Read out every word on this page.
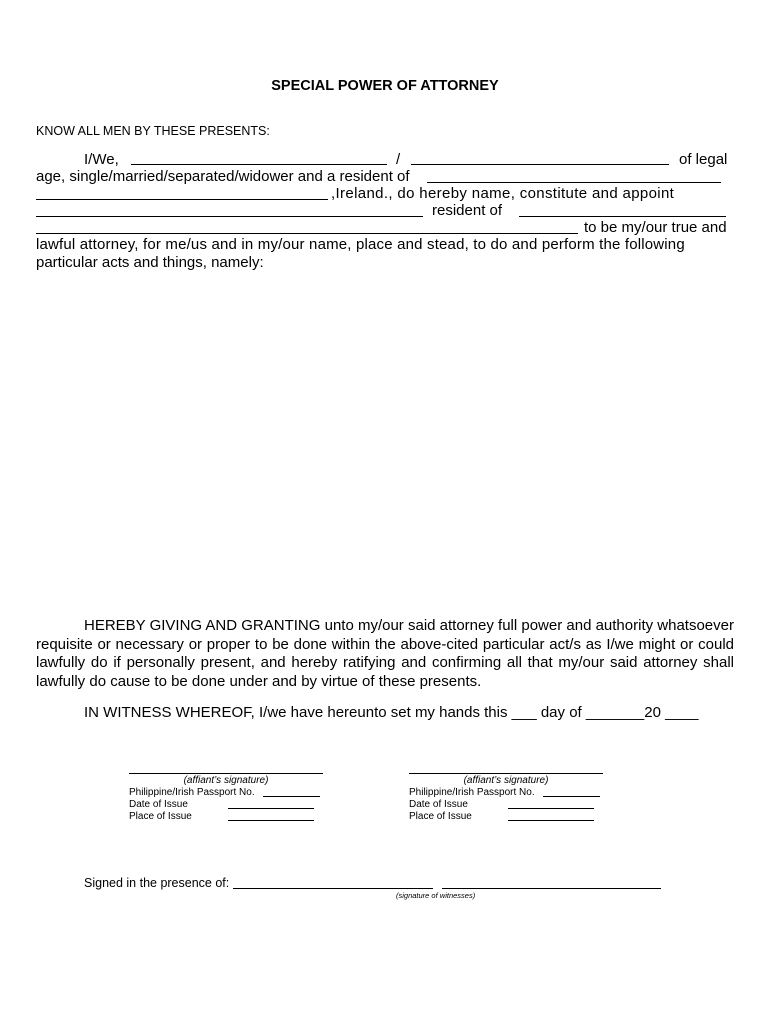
SPECIAL POWER OF ATTORNEY
KNOW ALL MEN BY THESE PRESENTS:
I/We,	/	of legal
age, single/married/separated/widower and a resident of
,Ireland., do hereby name, constitute and appoint
resident of
to be my/our true and
lawful attorney, for me/us and in my/our name, place and stead, to do and perform the following
particular acts and things, namely:
HEREBY GIVING AND GRANTING unto my/our said attorney full power and authority whatsoever requisite or necessary or proper to be done within the above-cited particular act/s as I/we might or could lawfully do if personally present, and hereby ratifying and confirming all that my/our said attorney shall lawfully do cause to be done under and by virtue of these presents.
IN WITNESS WHEREOF, I/we have hereunto set my hands this ___ day of _______20 ____
(affiant’s signature)
Philippine/Irish Passport No.
Date of Issue
Place of Issue
(affiant’s signature)
Philippine/Irish Passport No.
Date of Issue
Place of Issue
Signed in the presence of:
(signature of witnesses)
